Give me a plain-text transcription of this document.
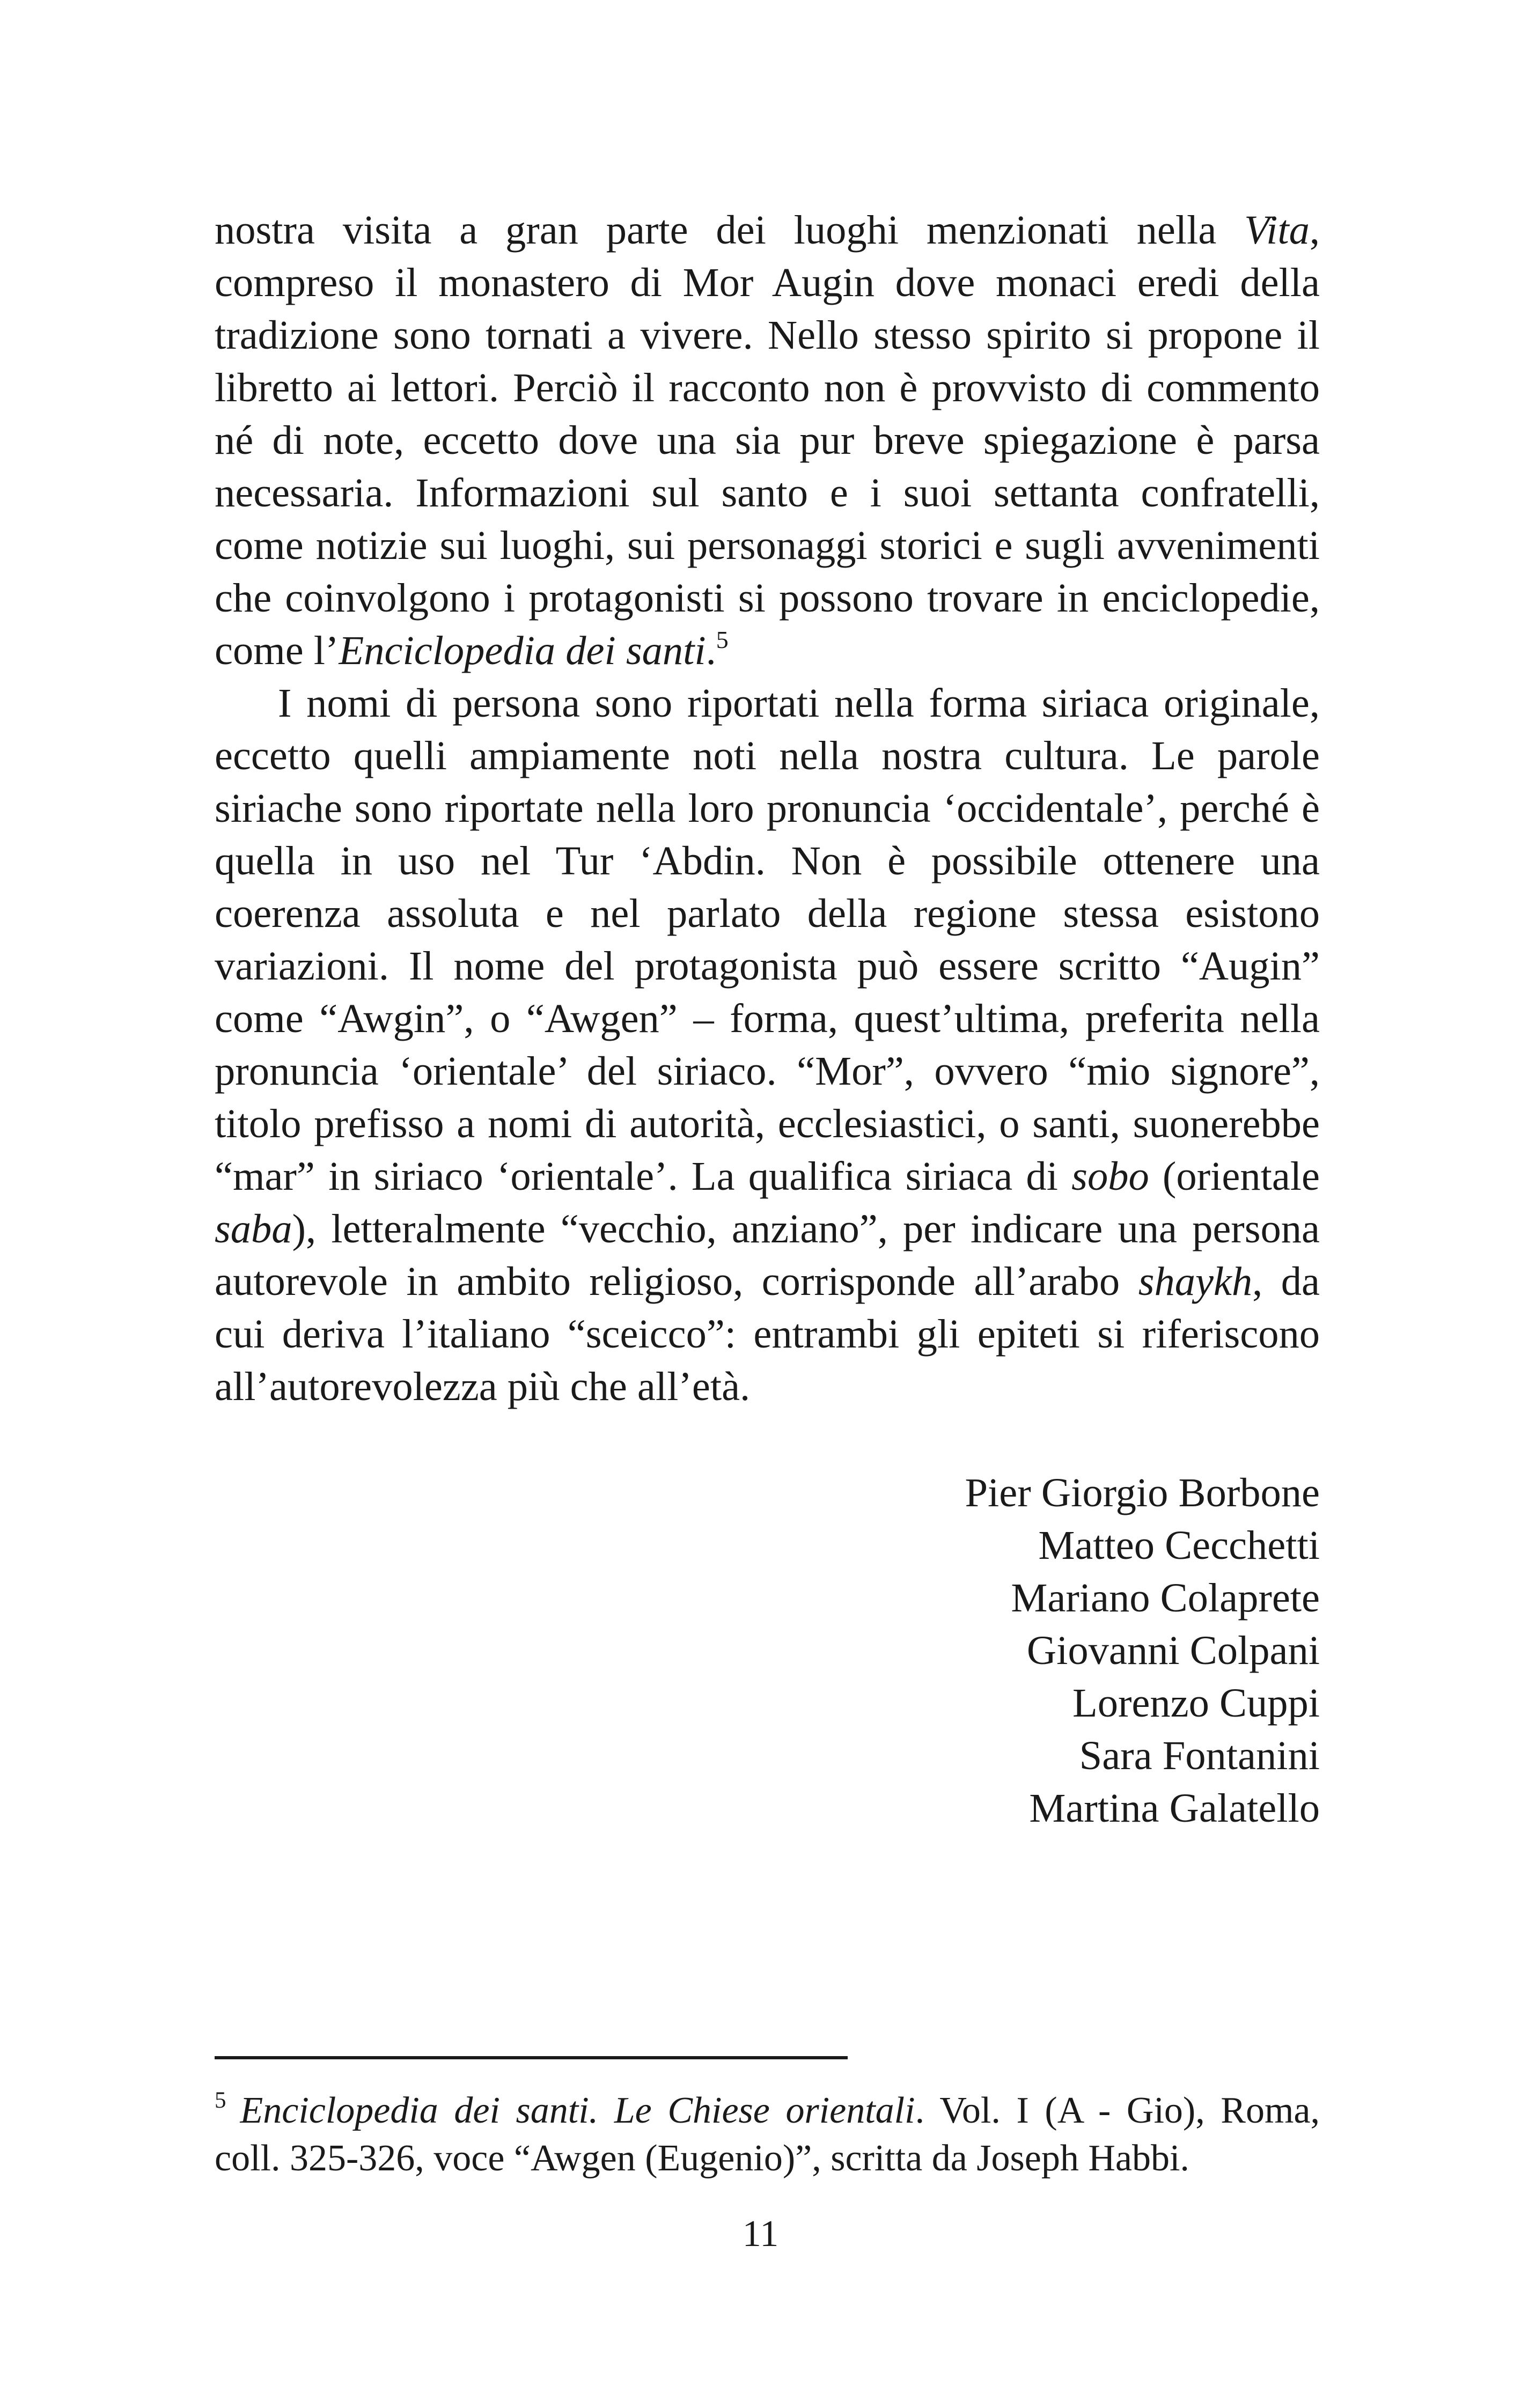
nostra visita a gran parte dei luoghi menzionati nella Vita, compreso il monastero di Mor Augin dove monaci eredi della tradizione sono tornati a vivere. Nello stesso spirito si propone il libretto ai lettori. Perciò il racconto non è provvisto di commento né di note, eccetto dove una sia pur breve spiegazione è parsa necessaria. Informazioni sul santo e i suoi settanta confratelli, come notizie sui luoghi, sui personaggi storici e sugli avvenimenti che coinvolgono i protagonisti si possono trovare in enciclopedie, come l’Enciclopedia dei santi.$^5$

I nomi di persona sono riportati nella forma siriaca originale, eccetto quelli ampiamente noti nella nostra cultura. Le parole siriache sono riportate nella loro pronuncia ‘occidentale’, perché è quella in uso nel Tur ‘Abdin. Non è possibile ottenere una coerenza assoluta e nel parlato della regione stessa esistono variazioni. Il nome del protagonista può essere scritto “Augin” come “Awgin”, o “Awgen” – forma, quest’ultima, preferita nella pronuncia ‘orientale’ del siriaco. “Mor”, ovvero “mio signore”, titolo prefisso a nomi di autorità, ecclesiastici, o santi, suonerebbe “mar” in siriaco ‘orientale’. La qualifica siriaca di sobo (orientale saba), letteralmente “vecchio, anziano”, per indicare una persona autorevole in ambito religioso, corrisponde all’arabo shaykh, da cui deriva l’italiano “sceicco”: entrambi gli epiteti si riferiscono all’autorevolezza più che all’età.

Pier Giorgio Borbone
Matteo Cecchetti
Mariano Colaprete
Giovanni Colpani
Lorenzo Cuppi
Sara Fontanini
Martina Galatello
$^5$ Enciclopedia dei santi. Le Chiese orientali. Vol. I (A - Gio), Roma, coll. 325-326, voce “Awgen (Eugenio)”, scritta da Joseph Habbi.
11
